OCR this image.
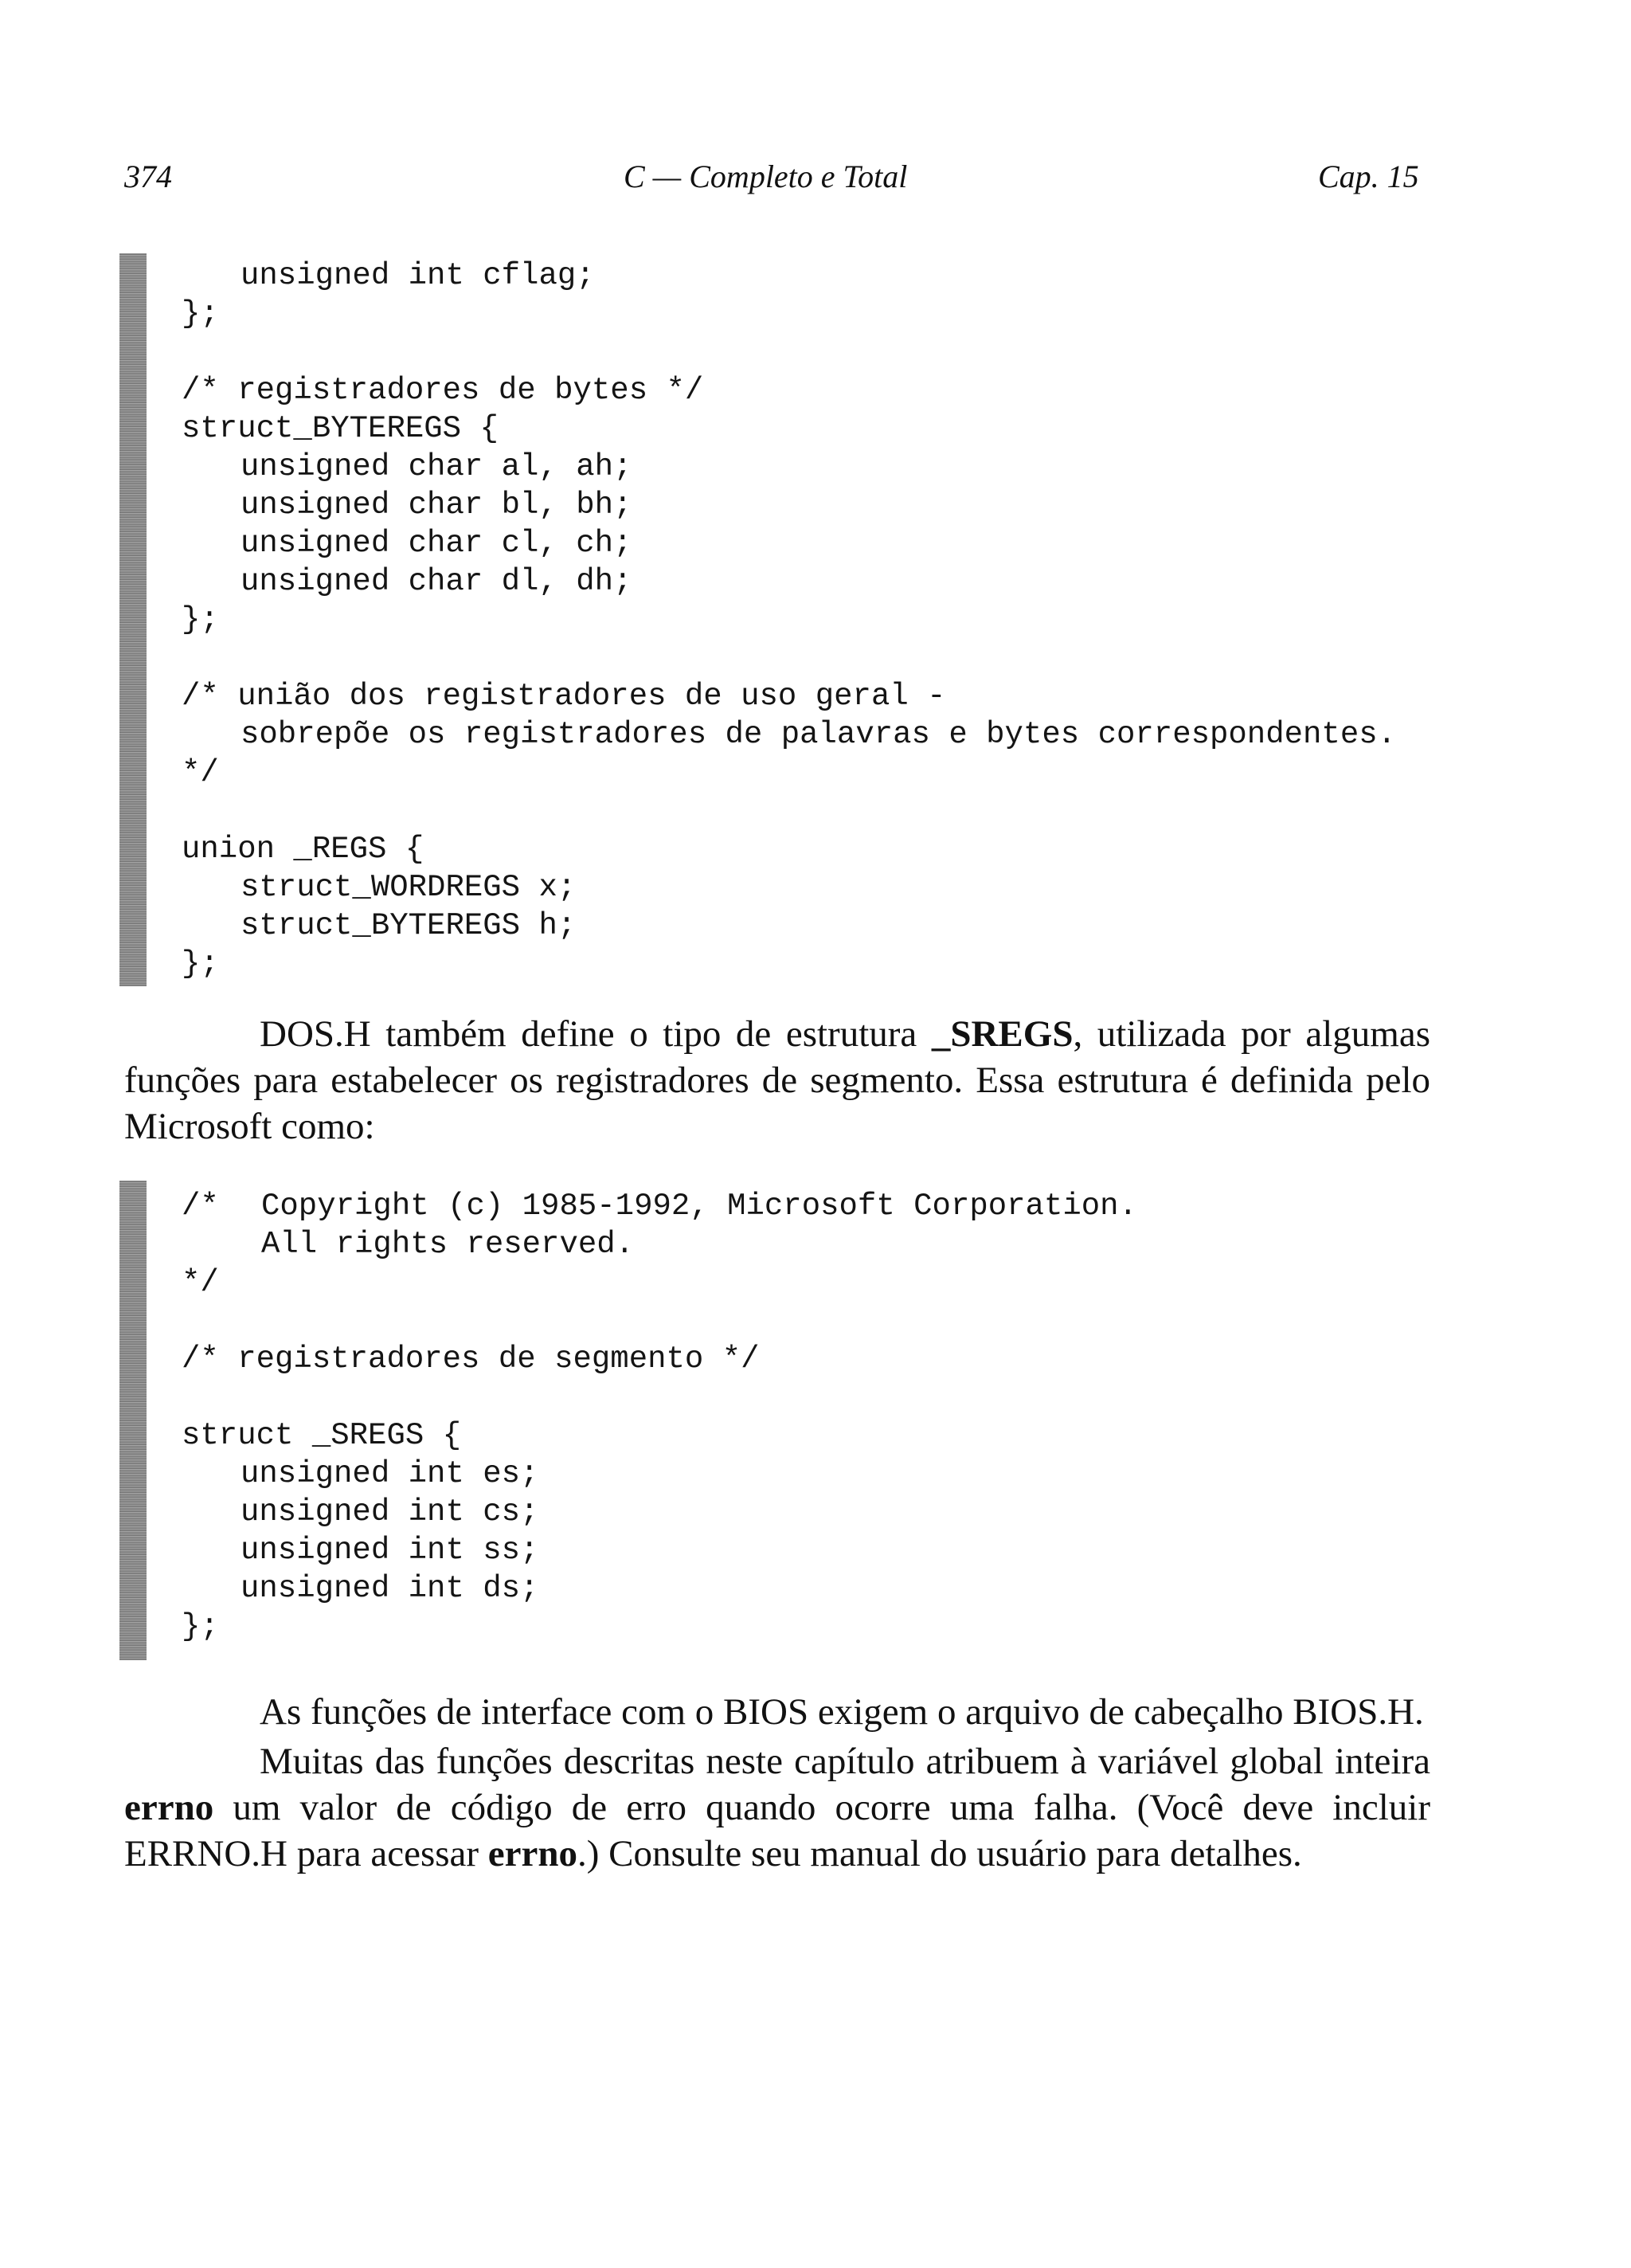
374	C — Completo e Total	Cap. 15
unsigned int cflag;
};
/* registradores de bytes */
struct_BYTEREGS {
unsigned char al, ah;
unsigned char bl, bh;
unsigned char cl, ch;
unsigned char dl, dh;
};
/* união dos registradores de uso geral -
sobrepõe os registradores de palavras e bytes correspondentes.
*/
union _REGS {
struct_WORDREGS x;
struct_BYTEREGS h;
};
DOS.H também define o tipo de estrutura _SREGS, utilizada por algumas funções para estabelecer os registradores de segmento. Essa estrutura é definida pelo Microsoft como:
/* Copyright (c) 1985-1992, Microsoft Corporation.
All rights reserved.
*/
/* registradores de segmento */
struct _SREGS {
unsigned int es;
unsigned int cs;
unsigned int ss;
unsigned int ds;
};
As funções de interface com o BIOS exigem o arquivo de cabeçalho BIOS.H.
Muitas das funções descritas neste capítulo atribuem à variável global inteira errno um valor de código de erro quando ocorre uma falha. (Você deve incluir ERRNO.H para acessar errno.) Consulte seu manual do usuário para detalhes.
